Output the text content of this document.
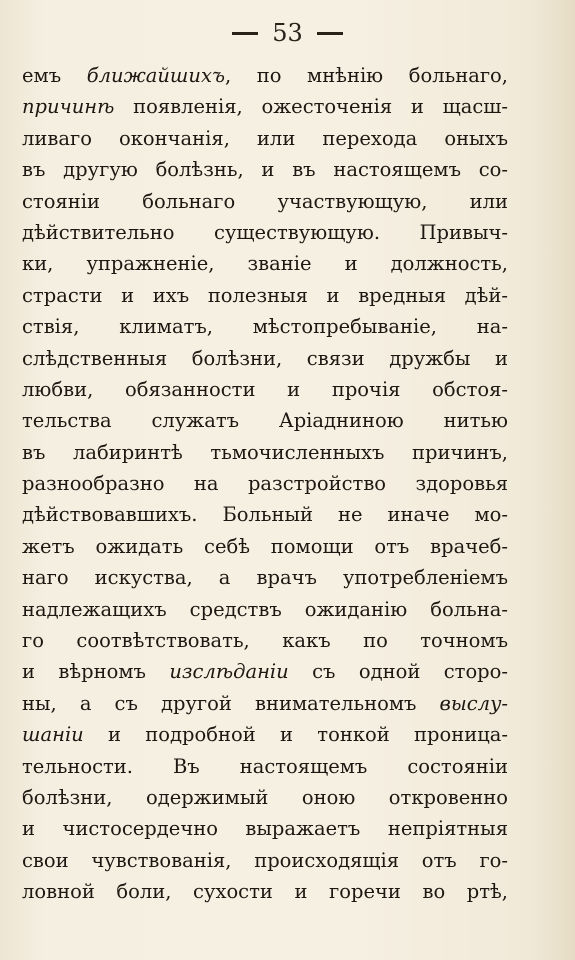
53
емъ ближайшихъ, по мнѣнію больнаго,
причинѣ появленія, ожесточенія и щасш-
ливаго окончанія, или перехода оныхъ
въ другую болѣзнь, и въ настоящемъ со-
стояніи больнаго участвующую, или
дѣйствительно существующую. Привыч-
ки, упражненіе, званіе и должность,
страсти и ихъ полезныя и вредныя дѣй-
ствія, климатъ, мѣстопребываніе, на-
слѣдственныя болѣзни, связи дружбы и
любви, обязанности и прочія обстоя-
тельства служатъ Аріадниною нитью
въ лабиринтѣ тьмочисленныхъ причинъ,
разнообразно на разстройство здоровья
дѣйствовавшихъ. Больный не иначе мо-
жетъ ожидать себѣ помощи отъ врачеб-
наго искуства, а врачъ употребленіемъ
надлежащихъ средствъ ожиданію больна-
го соотвѣтствовать, какъ по точномъ
и вѣрномъ изслѣданіи съ одной сторо-
ны, а съ другой внимательномъ выслу-
шаніи и подробной и тонкой проница-
тельности. Въ настоящемъ состояніи
болѣзни, одержимый оною откровенно
и чистосердечно выражаетъ непріятныя
свои чувствованія, происходящія отъ го-
ловной боли, сухости и горечи во ртѣ,
